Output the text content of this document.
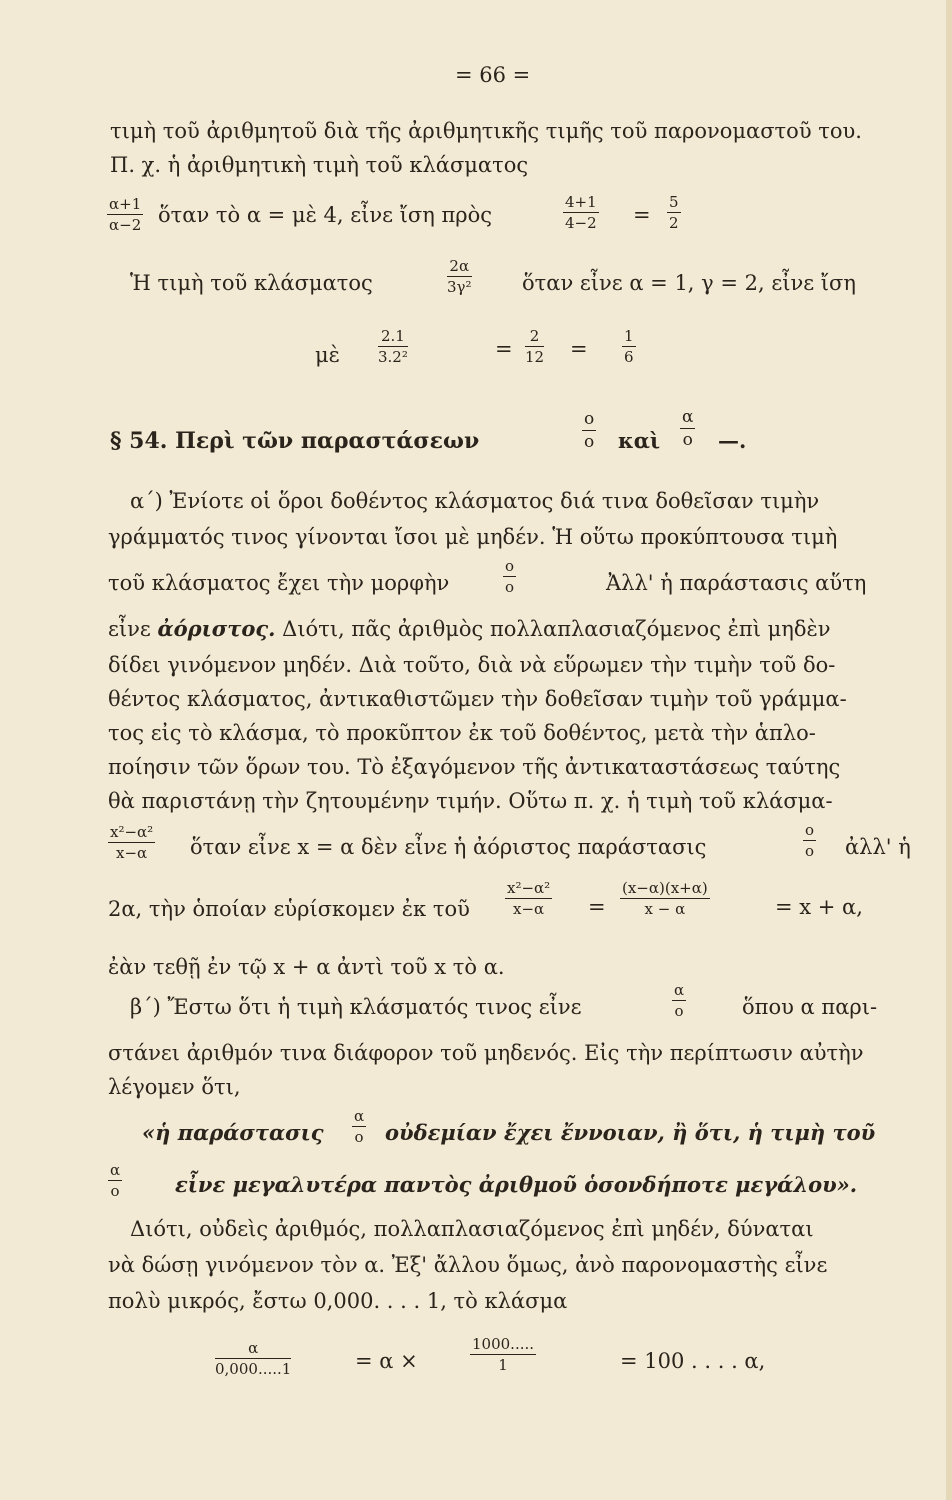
= 66 =
τιμὴ τοῦ ἀριθμητοῦ διὰ τῆς ἀριθμητικῆς τιμῆς τοῦ παρονομαστοῦ του.
Π. χ. ἡ ἀριθμητικὴ τιμὴ τοῦ κλάσματος
α+1
α−2 ὅταν τὸ α = μὲ 4, εἶνε ἴση πρὸς
4+1
4−2 =
5
2
Ἡ τιμὴ τοῦ κλάσματος
2α
3γ² ὅταν εἶνε α = 1, γ = 2, εἶνε ἴση
μὲ
2.1
3.2²	=
2
12 =
1
6
§ 54. Περὶ τῶν παραστάσεων
ο
ο καὶ
α
ο —.
α΄) Ἐνίοτε οἱ ὅροι δοθέντος κλάσματος διά τινα δοθεῖσαν τιμὴν
γράμματός τινος γίνονται ἴσοι μὲ μηδέν. Ἡ οὕτω προκύπτουσα τιμὴ
τοῦ κλάσματος ἔχει τὴν μορφὴν
ο
ο	Ἀλλ' ἡ παράστασις αὕτη
εἶνε ἀόριστος. Διότι, πᾶς ἀριθμὸς πολλαπλασιαζόμενος ἐπὶ μηδὲν
δίδει γινόμενον μηδέν. Διὰ τοῦτο, διὰ νὰ εὕρωμεν τὴν τιμὴν τοῦ δο-
θέντος κλάσματος, ἀντικαθιστῶμεν τὴν δοθεῖσαν τιμὴν τοῦ γράμμα-
τος εἰς τὸ κλάσμα, τὸ προκῦπτον ἐκ τοῦ δοθέντος, μετὰ τὴν ἁπλο-
ποίησιν τῶν ὅρων του. Τὸ ἐξαγόμενον τῆς ἀντικαταστάσεως ταύτης
θὰ παριστάνῃ τὴν ζητουμένην τιμήν. Οὕτω π. χ. ἡ τιμὴ τοῦ κλάσμα-
x²−α²
x−α ὅταν εἶνε x = α δὲν εἶνε ἡ ἀόριστος παράστασις
ο
ο ἀλλ' ἡ
2α, τὴν ὁποίαν εὑρίσκομεν ἐκ τοῦ
x²−α²
x−α =
(x−α)(x+α)
x − α	= x + α,
ἐὰν τεθῇ ἐν τῷ x + α ἀντὶ τοῦ x τὸ α.
β΄) Ἔστω ὅτι ἡ τιμὴ κλάσματός τινος εἶνε
α
ο	ὅπου α παρι-
στάνει ἀριθμόν τινα διάφορον τοῦ μηδενός. Εἰς τὴν περίπτωσιν αὐτὴν
λέγομεν ὅτι,
«ἡ παράστασις
α
ο οὐδεμίαν ἔχει ἔννοιαν, ἢ ὅτι, ἡ τιμὴ τοῦ
α
ο	εἶνε μεγαλυτέρα παντὸς ἀριθμοῦ ὁσονδήποτε μεγάλου».
Διότι, οὐδεὶς ἀριθμός, πολλαπλασιαζόμενος ἐπὶ μηδέν, δύναται
νὰ δώσῃ γινόμενον τὸν α. Ἐξ' ἄλλου ὅμως, ἀνὸ παρονομαστὴς εἶνε
πολὺ μικρός, ἔστω 0,000. . . . 1, τὸ κλάσμα
α
0,000.....1	= α ×
1000.....
1	= 100 . . . . α,
